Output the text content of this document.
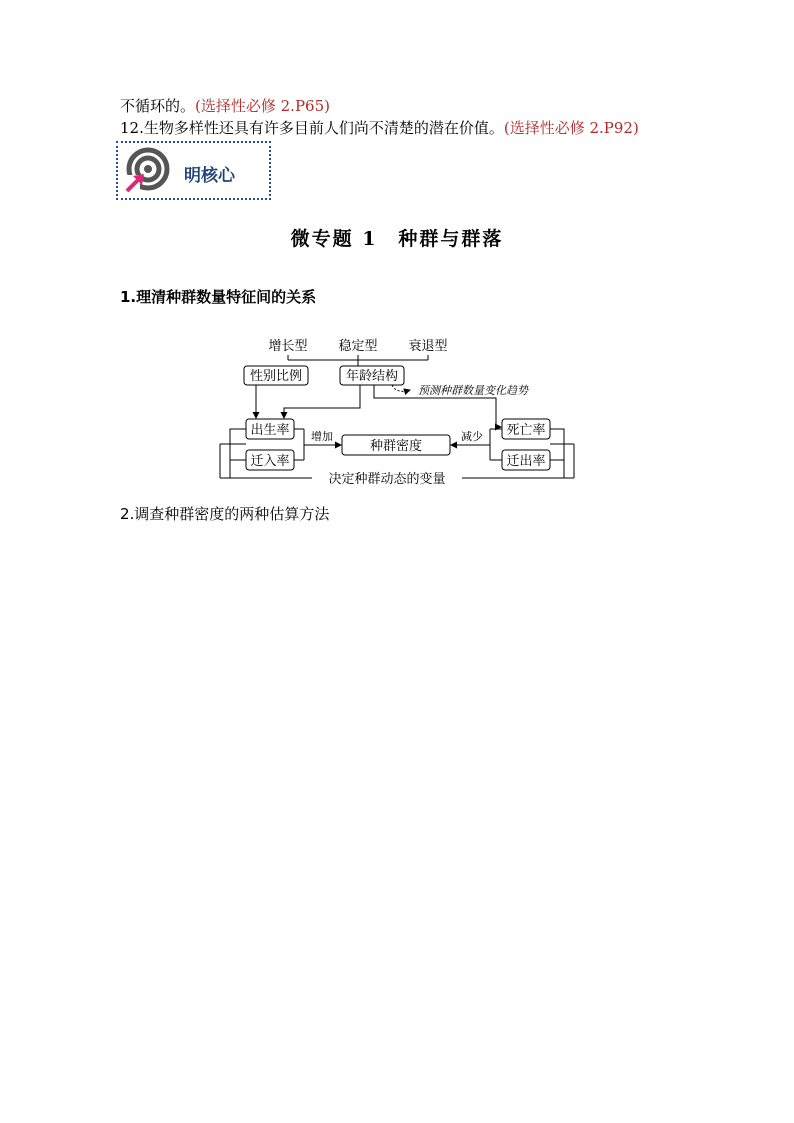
不循环的。(选择性必修 2.P65)
12.生物多样性还具有许多目前人们尚不清楚的潜在价值。(选择性必修 2.P92)
明核心
微专题 1　种群与群落
1.理清种群数量特征间的关系
增长型 稳定型 衰退型
性别比例	年龄结构
预测种群数量变化趋势
出生率
迁入率
种群密度
死亡率
迁出率
增加	减少
决定种群动态的变量
2.调查种群密度的两种估算方法
